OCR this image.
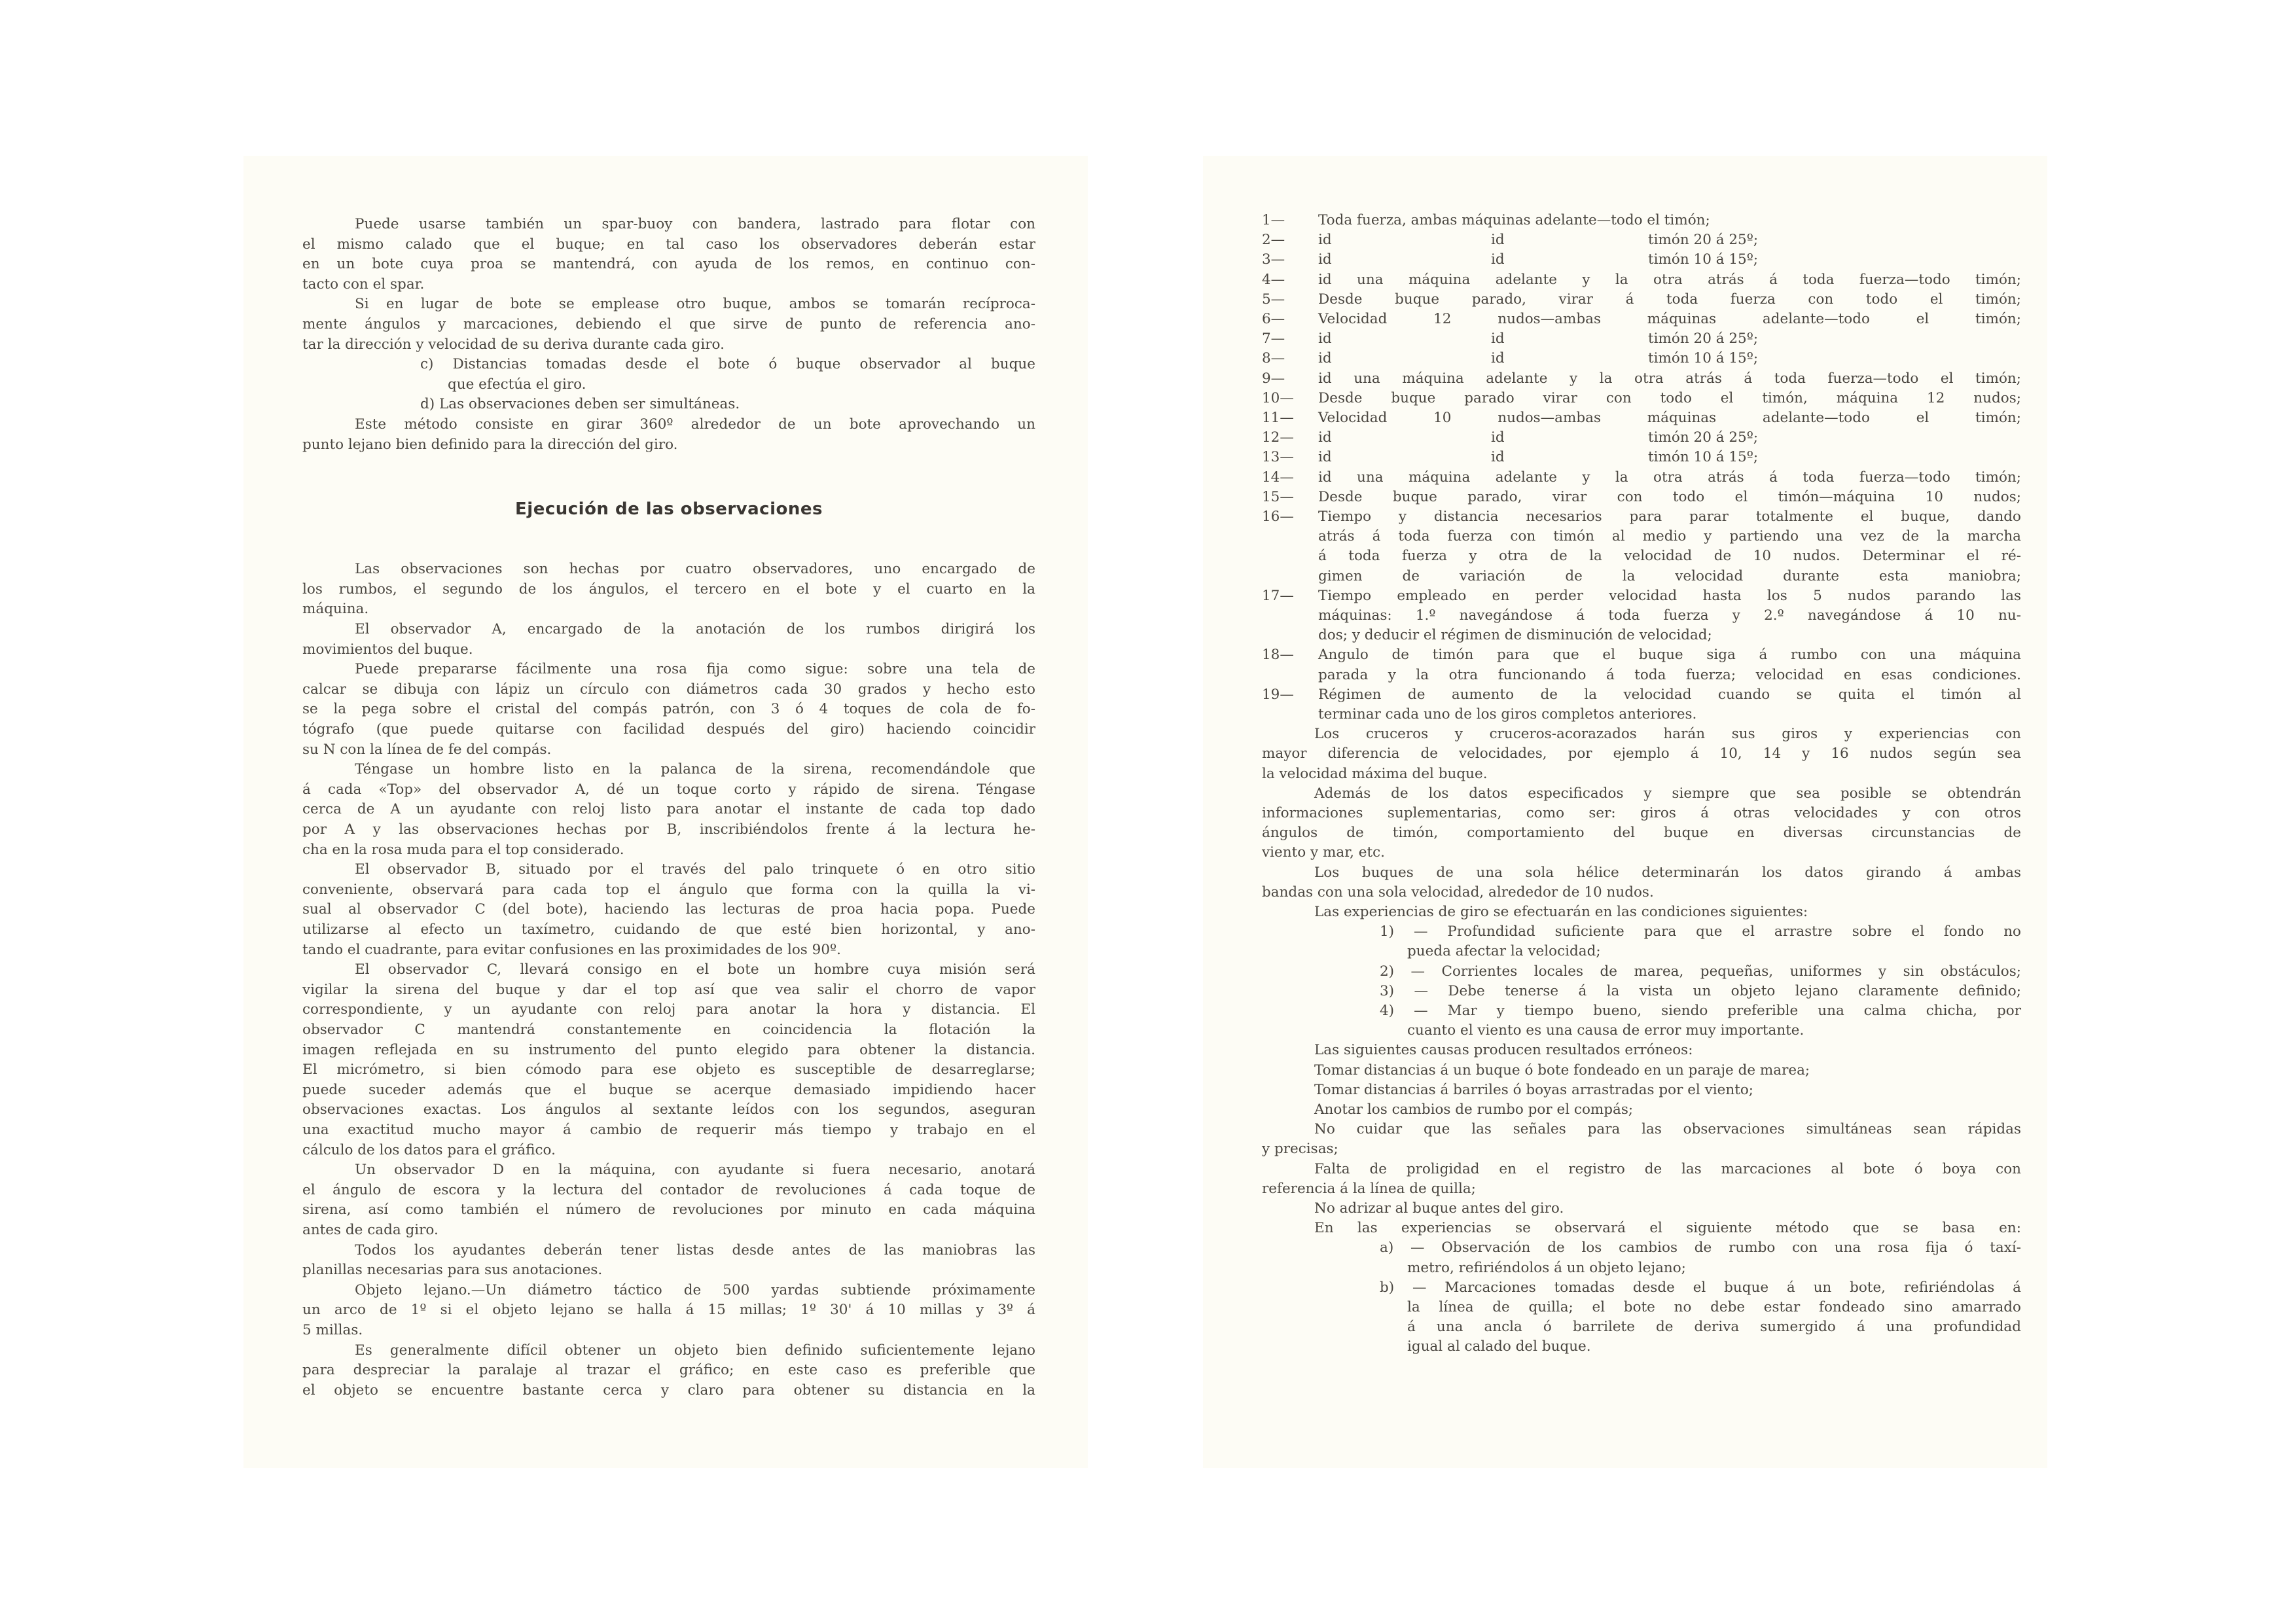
Puede usarse también un spar-buoy con bandera, lastrado para flotar con
el mismo calado que el buque; en tal caso los observadores deberán estar
en un bote cuya proa se mantendrá, con ayuda de los remos, en continuo con-
tacto con el spar.
Si en lugar de bote se emplease otro buque, ambos se tomarán recíproca-
mente ángulos y marcaciones, debiendo el que sirve de punto de referencia ano-
tar la dirección y velocidad de su deriva durante cada giro.
c) Distancias tomadas desde el bote ó buque observador al buque
que efectúa el giro.
d) Las observaciones deben ser simultáneas.
Este método consiste en girar 360º alrededor de un bote aprovechando un
punto lejano bien definido para la dirección del giro.
Ejecución de las observaciones
Las observaciones son hechas por cuatro observadores, uno encargado de
los rumbos, el segundo de los ángulos, el tercero en el bote y el cuarto en la
máquina.
El observador A, encargado de la anotación de los rumbos dirigirá los
movimientos del buque.
Puede prepararse fácilmente una rosa fija como sigue: sobre una tela de
calcar se dibuja con lápiz un círculo con diámetros cada 30 grados y hecho esto
se la pega sobre el cristal del compás patrón, con 3 ó 4 toques de cola de fo-
tógrafo (que puede quitarse con facilidad después del giro) haciendo coincidir
su N con la línea de fe del compás.
Téngase un hombre listo en la palanca de la sirena, recomendándole que
á cada «Top» del observador A, dé un toque corto y rápido de sirena. Téngase
cerca de A un ayudante con reloj listo para anotar el instante de cada top dado
por A y las observaciones hechas por B, inscribiéndolos frente á la lectura he-
cha en la rosa muda para el top considerado.
El observador B, situado por el través del palo trinquete ó en otro sitio
conveniente, observará para cada top el ángulo que forma con la quilla la vi-
sual al observador C (del bote), haciendo las lecturas de proa hacia popa. Puede
utilizarse al efecto un taxímetro, cuidando de que esté bien horizontal, y ano-
tando el cuadrante, para evitar confusiones en las proximidades de los 90º.
El observador C, llevará consigo en el bote un hombre cuya misión será
vigilar la sirena del buque y dar el top así que vea salir el chorro de vapor
correspondiente, y un ayudante con reloj para anotar la hora y distancia. El
observador C mantendrá constantemente en coincidencia la flotación la
imagen reflejada en su instrumento del punto elegido para obtener la distancia.
El micrómetro, si bien cómodo para ese objeto es susceptible de desarreglarse;
puede suceder además que el buque se acerque demasiado impidiendo hacer
observaciones exactas. Los ángulos al sextante leídos con los segundos, aseguran
una exactitud mucho mayor á cambio de requerir más tiempo y trabajo en el
cálculo de los datos para el gráfico.
Un observador D en la máquina, con ayudante si fuera necesario, anotará
el ángulo de escora y la lectura del contador de revoluciones á cada toque de
sirena, así como también el número de revoluciones por minuto en cada máquina
antes de cada giro.
Todos los ayudantes deberán tener listas desde antes de las maniobras las
planillas necesarias para sus anotaciones.
Objeto lejano.—Un diámetro táctico de 500 yardas subtiende próximamente
un arco de 1º si el objeto lejano se halla á 15 millas; 1º 30' á 10 millas y 3º á
5 millas.
Es generalmente difícil obtener un objeto bien definido suficientemente lejano
para despreciar la paralaje al trazar el gráfico; en este caso es preferible que
el objeto se encuentre bastante cerca y claro para obtener su distancia en la
1—	Toda fuerza, ambas máquinas adelante—todo el timón;
2—	id	id	timón 20 á 25º;
3—	id	id	timón 10 á 15º;
4—	id una máquina adelante y la otra atrás á toda fuerza—todo timón;
5—	Desde buque parado, virar á toda fuerza con todo el timón;
6—	Velocidad 12 nudos—ambas máquinas adelante—todo el timón;
7—	id	id	timón 20 á 25º;
8—	id	id	timón 10 á 15º;
9—	id una máquina adelante y la otra atrás á toda fuerza—todo el timón;
10—	Desde buque parado virar con todo el timón, máquina 12 nudos;
11—	Velocidad 10 nudos—ambas máquinas adelante—todo el timón;
12—	id	id	timón 20 á 25º;
13—	id	id	timón 10 á 15º;
14—	id una máquina adelante y la otra atrás á toda fuerza—todo timón;
15—	Desde buque parado, virar con todo el timón—máquina 10 nudos;
16—	Tiempo y distancia necesarios para parar totalmente el buque, dando
atrás á toda fuerza con timón al medio y partiendo una vez de la marcha
á toda fuerza y otra de la velocidad de 10 nudos. Determinar el ré-
gimen de variación de la velocidad durante esta maniobra;
17—	Tiempo empleado en perder velocidad hasta los 5 nudos parando las
máquinas: 1.º navegándose á toda fuerza y 2.º navegándose á 10 nu-
dos; y deducir el régimen de disminución de velocidad;
18—	Angulo de timón para que el buque siga á rumbo con una máquina
parada y la otra funcionando á toda fuerza; velocidad en esas condiciones.
19—	Régimen de aumento de la velocidad cuando se quita el timón al
terminar cada uno de los giros completos anteriores.
Los cruceros y cruceros-acorazados harán sus giros y experiencias con
mayor diferencia de velocidades, por ejemplo á 10, 14 y 16 nudos según sea
la velocidad máxima del buque.
Además de los datos especificados y siempre que sea posible se obtendrán
informaciones suplementarias, como ser: giros á otras velocidades y con otros
ángulos de timón, comportamiento del buque en diversas circunstancias de
viento y mar, etc.
Los buques de una sola hélice determinarán los datos girando á ambas
bandas con una sola velocidad, alrededor de 10 nudos.
Las experiencias de giro se efectuarán en las condiciones siguientes:
1) — Profundidad suficiente para que el arrastre sobre el fondo no
pueda afectar la velocidad;
2) — Corrientes locales de marea, pequeñas, uniformes y sin obstáculos;
3) — Debe tenerse á la vista un objeto lejano claramente definido;
4) — Mar y tiempo bueno, siendo preferible una calma chicha, por
cuanto el viento es una causa de error muy importante.
Las siguientes causas producen resultados erróneos:
Tomar distancias á un buque ó bote fondeado en un paraje de marea;
Tomar distancias á barriles ó boyas arrastradas por el viento;
Anotar los cambios de rumbo por el compás;
No cuidar que las señales para las observaciones simultáneas sean rápidas
y precisas;
Falta de proligidad en el registro de las marcaciones al bote ó boya con
referencia á la línea de quilla;
No adrizar al buque antes del giro.
En las experiencias se observará el siguiente método que se basa en:
a) — Observación de los cambios de rumbo con una rosa fija ó taxí-
metro, refiriéndolos á un objeto lejano;
b) — Marcaciones tomadas desde el buque á un bote, refiriéndolas á
la línea de quilla; el bote no debe estar fondeado sino amarrado
á una ancla ó barrilete de deriva sumergido á una profundidad
igual al calado del buque.
